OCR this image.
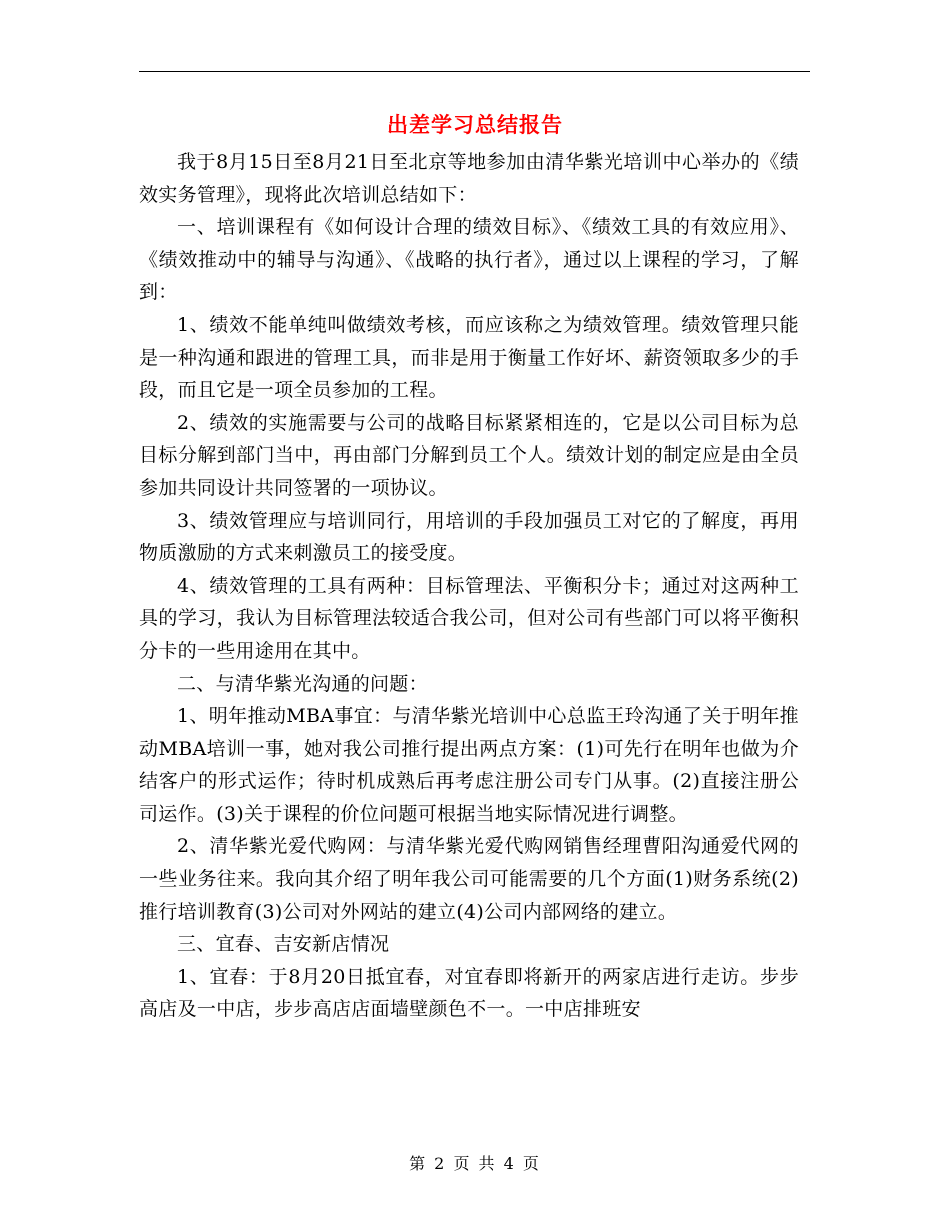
出差学习总结报告

我于8月15日至8月21日至北京等地参加由清华紫光培训中心举办的《绩效实务管理》，现将此次培训总结如下：

一、培训课程有《如何设计合理的绩效目标》、《绩效工具的有效应用》、《绩效推动中的辅导与沟通》、《战略的执行者》，通过以上课程的学习，了解到：

1、绩效不能单纯叫做绩效考核，而应该称之为绩效管理。绩效管理只能是一种沟通和跟进的管理工具，而非是用于衡量工作好坏、薪资领取多少的手段，而且它是一项全员参加的工程。

2、绩效的实施需要与公司的战略目标紧紧相连的，它是以公司目标为总目标分解到部门当中，再由部门分解到员工个人。绩效计划的制定应是由全员参加共同设计共同签署的一项协议。

3、绩效管理应与培训同行，用培训的手段加强员工对它的了解度，再用物质激励的方式来刺激员工的接受度。

4、绩效管理的工具有两种：目标管理法、平衡积分卡；通过对这两种工具的学习，我认为目标管理法较适合我公司，但对公司有些部门可以将平衡积分卡的一些用途用在其中。

二、与清华紫光沟通的问题：

1、明年推动MBA事宜：与清华紫光培训中心总监王玲沟通了关于明年推动MBA培训一事，她对我公司推行提出两点方案：(1)可先行在明年也做为介结客户的形式运作；待时机成熟后再考虑注册公司专门从事。(2)直接注册公司运作。(3)关于课程的价位问题可根据当地实际情况进行调整。

2、清华紫光爱代购网：与清华紫光爱代购网销售经理曹阳沟通爱代网的一些业务往来。我向其介绍了明年我公司可能需要的几个方面(1)财务系统(2)推行培训教育(3)公司对外网站的建立(4)公司内部网络的建立。

三、宜春、吉安新店情况

1、宜春：于8月20日抵宜春，对宜春即将新开的两家店进行走访。步步高店及一中店，步步高店店面墙壁颜色不一。一中店排班安

第 2 页 共 4 页
